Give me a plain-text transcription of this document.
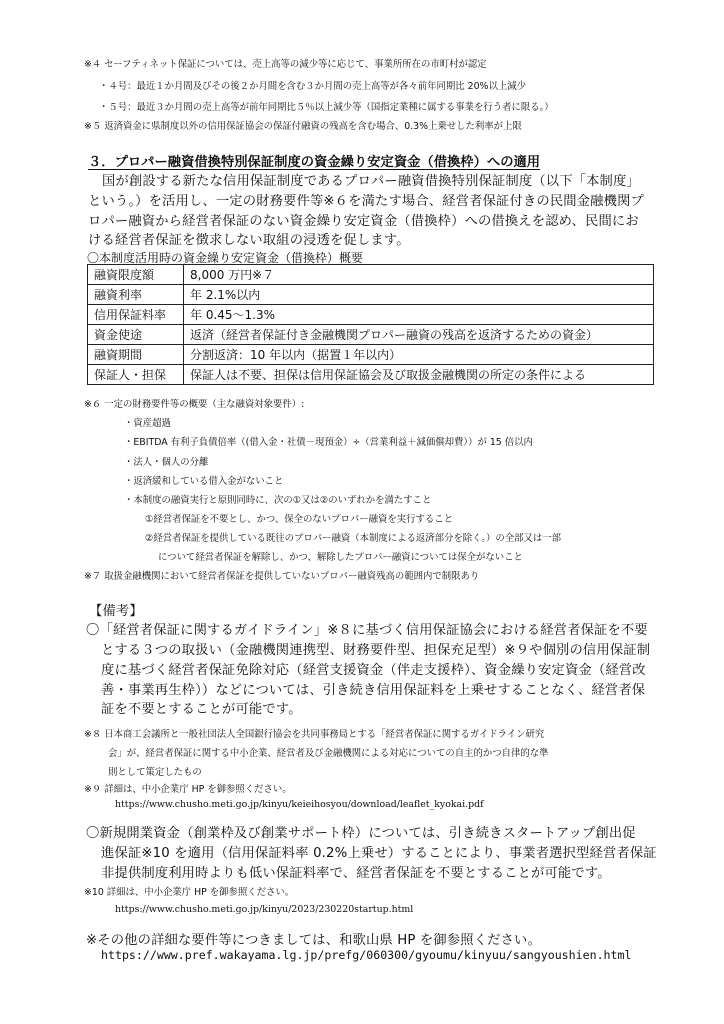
※４ セーフティネット保証については、売上高等の減少等に応じて、事業所所在の市町村が認定
・４号：最近１か月間及びその後２か月間を含む３か月間の売上高等が各々前年同期比 20%以上減少
・５号：最近３か月間の売上高等が前年同期比５％以上減少等（国指定業種に属する事業を行う者に限る。）
※５ 返済資金に県制度以外の信用保証協会の保証付融資の残高を含む場合、0.3%上乗せした利率が上限
３．プロパー融資借換特別保証制度の資金繰り安定資金（借換枠）への適用
国が創設する新たな信用保証制度であるプロパー融資借換特別保証制度（以下「本制度」
という。）を活用し、一定の財務要件等※６を満たす場合、経営者保証付きの民間金融機関プ
ロパー融資から経営者保証のない資金繰り安定資金（借換枠）への借換えを認め、民間にお
ける経営者保証を徴求しない取組の浸透を促します。
〇本制度活用時の資金繰り安定資金（借換枠）概要
融資限度額	8,000 万円※７
融資利率	年 2.1%以内
信用保証料率	年 0.45〜1.3%
資金使途	返済（経営者保証付き金融機関プロパー融資の残高を返済するための資金）
融資期間	分割返済：10 年以内（据置１年以内）
保証人・担保	保証人は不要、担保は信用保証協会及び取扱金融機関の所定の条件による
※６ 一定の財務要件等の概要（主な融資対象要件）:
・資産超過
・EBITDA 有利子負債倍率（(借入金・社債－現預金）÷（営業利益＋減価償却費））が 15 倍以内
・法人・個人の分離
・返済緩和している借入金がないこと
・本制度の融資実行と原則同時に、次の①又は②のいずれかを満たすこと
①経営者保証を不要とし、かつ、保全のないプロパー融資を実行すること
②経営者保証を提供している既往のプロパー融資（本制度による返済部分を除く。）の全部又は一部
について経営者保証を解除し、かつ、解除したプロパー融資については保全がないこと
※７ 取扱金融機関において経営者保証を提供していないプロパー融資残高の範囲内で制限あり
【備考】
〇「経営者保証に関するガイドライン」※８に基づく信用保証協会における経営者保証を不要
とする３つの取扱い（金融機関連携型、財務要件型、担保充足型）※９や個別の信用保証制
度に基づく経営者保証免除対応（経営支援資金（伴走支援枠）、資金繰り安定資金（経営改
善・事業再生枠））などについては、引き続き信用保証料を上乗せすることなく、経営者保
証を不要とすることが可能です。
※８ 日本商工会議所と一般社団法人全国銀行協会を共同事務局とする「経営者保証に関するガイドライン研究
会」が、経営者保証に関する中小企業、経営者及び金融機関による対応についての自主的かつ自律的な準
則として策定したもの
※９ 詳細は、中小企業庁 HP を御参照ください。
https://www.chusho.meti.go.jp/kinyu/keieihosyou/download/leaflet_kyokai.pdf
〇新規開業資金（創業枠及び創業サポート枠）については、引き続きスタートアップ創出促
進保証※10 を適用（信用保証料率 0.2%上乗せ）することにより、事業者選択型経営者保証
非提供制度利用時よりも低い保証料率で、経営者保証を不要とすることが可能です。
※10 詳細は、中小企業庁 HP を御参照ください。
https://www.chusho.meti.go.jp/kinyu/2023/230220startup.html
※その他の詳細な要件等につきましては、和歌山県 HP を御参照ください。
https://www.pref.wakayama.lg.jp/prefg/060300/gyoumu/kinyuu/sangyoushien.html
